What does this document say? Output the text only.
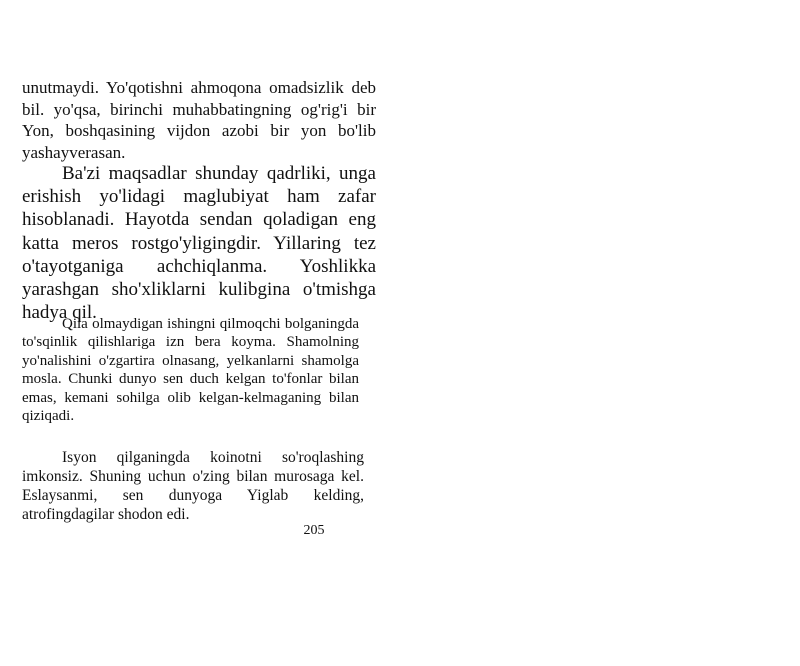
unutmaydi. Yo'qotishni ahmoqona omadsizlik deb bil. yo'qsa, birinchi muhabbatingning og'rig'i bir Yon, boshqasining vijdon azobi bir yon bo'lib yashayverasan.

Ba'zi maqsadlar shunday qadrliki, unga erishish yo'lidagi maglubiyat ham zafar hisoblanadi. Hayotda sendan qoladigan eng katta meros rostgo'yligingdir. Yillaring tez o'tayotganiga achchiqlanma. Yoshlikka yarashgan sho'xliklarni kulibgina o'tmishga hadya qil.

Qila olmaydigan ishingni qilmoqchi bolganingda to'sqinlik qilishlariga izn bera koyma. Shamolning yo'nalishini o'zgartira olnasang, yelkanlarni shamolga mosla. Chunki dunyo sen duch kelgan to'fonlar bilan emas, kemani sohilga olib kelgan-kelmaganing bilan qiziqadi.

Isyon qilganingda koinotni so'roqlashing imkonsiz. Shuning uchun o'zing bilan murosaga kel. Eslaysanmi, sen dunyoga Yiglab kelding, atrofingdagilar shodon edi.

205
